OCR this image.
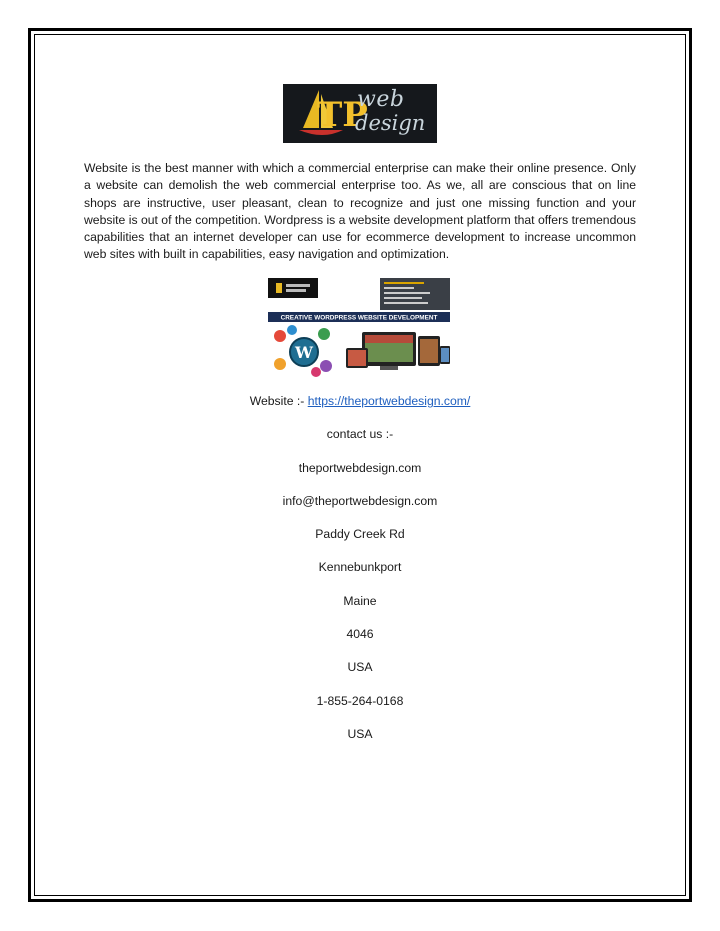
TP
web
design

Website is the best manner with which a commercial enterprise can make their online presence. Only a website can demolish the web commercial enterprise too. As we, all are conscious that on line shops are instructive, user pleasant, clean to recognize and just one missing function and your website is out of the competition. Wordpress is a website development platform that offers tremendous capabilities that an internet developer can use for ecommerce development to increase uncommon web sites with built in capabilities, easy navigation and optimization.

CREATIVE WORDPRESS WEBSITE DEVELOPMENT
W

Website :- https://theportwebdesign.com/

contact us :-

theportwebdesign.com

info@theportwebdesign.com

Paddy Creek Rd

Kennebunkport

Maine

4046

USA

1-855-264-0168

USA
